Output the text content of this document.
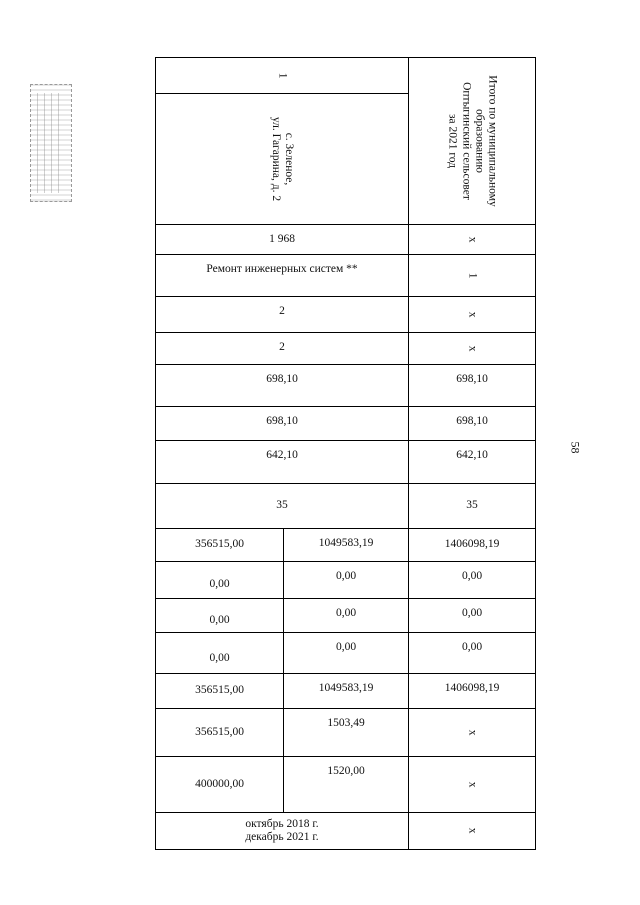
58
1		Итого по муниципальному
образованию
Оптыгинский сельсовет
за 2021 год

с. Зеленое,
ул. Гагарина, д. 2		

1 968		x
Ремонт инженерных систем **		1
2		x
2		x
698,10		698,10
698,10		698,10
642,10		642,10
35		35
356515,00	1049583,19	1406098,19
0,00	0,00	0,00
0,00	0,00	0,00
0,00	0,00	0,00
356515,00	1049583,19	1406098,19
356515,00	1503,49	x
400000,00	1520,00	x

октябрь 2018 г.
декабрь 2021 г.		x
